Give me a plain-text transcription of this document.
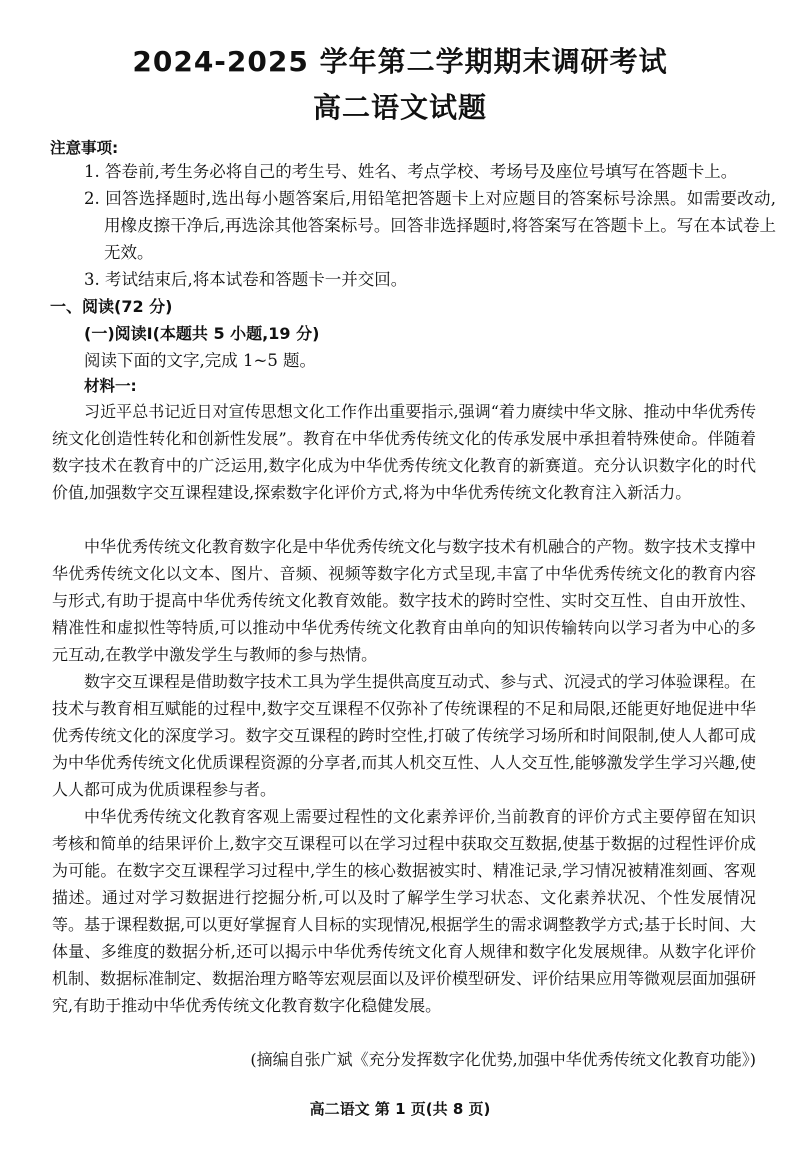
2024-2025 学年第二学期期末调研考试
高二语文试题
注意事项:
1. 答卷前,考生务必将自己的考生号、姓名、考点学校、考场号及座位号填写在答题卡上。
2. 回答选择题时,选出每小题答案后,用铅笔把答题卡上对应题目的答案标号涂黑。如需要改动,用橡皮擦干净后,再选涂其他答案标号。回答非选择题时,将答案写在答题卡上。写在本试卷上无效。
3. 考试结束后,将本试卷和答题卡一并交回。
一、阅读(72 分)
(一)阅读Ⅰ(本题共 5 小题,19 分)
阅读下面的文字,完成 1~5 题。
材料一:

习近平总书记近日对宣传思想文化工作作出重要指示,强调“着力赓续中华文脉、推动中华优秀传统文化创造性转化和创新性发展”。教育在中华优秀传统文化的传承发展中承担着特殊使命。伴随着数字技术在教育中的广泛运用,数字化成为中华优秀传统文化教育的新赛道。充分认识数字化的时代价值,加强数字交互课程建设,探索数字化评价方式,将为中华优秀传统文化教育注入新活力。

中华优秀传统文化教育数字化是中华优秀传统文化与数字技术有机融合的产物。数字技术支撑中华优秀传统文化以文本、图片、音频、视频等数字化方式呈现,丰富了中华优秀传统文化的教育内容与形式,有助于提高中华优秀传统文化教育效能。数字技术的跨时空性、实时交互性、自由开放性、精准性和虚拟性等特质,可以推动中华优秀传统文化教育由单向的知识传输转向以学习者为中心的多元互动,在教学中激发学生与教师的参与热情。

数字交互课程是借助数字技术工具为学生提供高度互动式、参与式、沉浸式的学习体验课程。在技术与教育相互赋能的过程中,数字交互课程不仅弥补了传统课程的不足和局限,还能更好地促进中华优秀传统文化的深度学习。数字交互课程的跨时空性,打破了传统学习场所和时间限制,使人人都可成为中华优秀传统文化优质课程资源的分享者,而其人机交互性、人人交互性,能够激发学生学习兴趣,使人人都可成为优质课程参与者。

中华优秀传统文化教育客观上需要过程性的文化素养评价,当前教育的评价方式主要停留在知识考核和简单的结果评价上,数字交互课程可以在学习过程中获取交互数据,使基于数据的过程性评价成为可能。在数字交互课程学习过程中,学生的核心数据被实时、精准记录,学习情况被精准刻画、客观描述。通过对学习数据进行挖掘分析,可以及时了解学生学习状态、文化素养状况、个性发展情况等。基于课程数据,可以更好掌握育人目标的实现情况,根据学生的需求调整教学方式;基于长时间、大体量、多维度的数据分析,还可以揭示中华优秀传统文化育人规律和数字化发展规律。从数字化评价机制、数据标准制定、数据治理方略等宏观层面以及评价模型研发、评价结果应用等微观层面加强研究,有助于推动中华优秀传统文化教育数字化稳健发展。

(摘编自张广斌《充分发挥数字化优势,加强中华优秀传统文化教育功能》)
高二语文 第 1 页(共 8 页)
